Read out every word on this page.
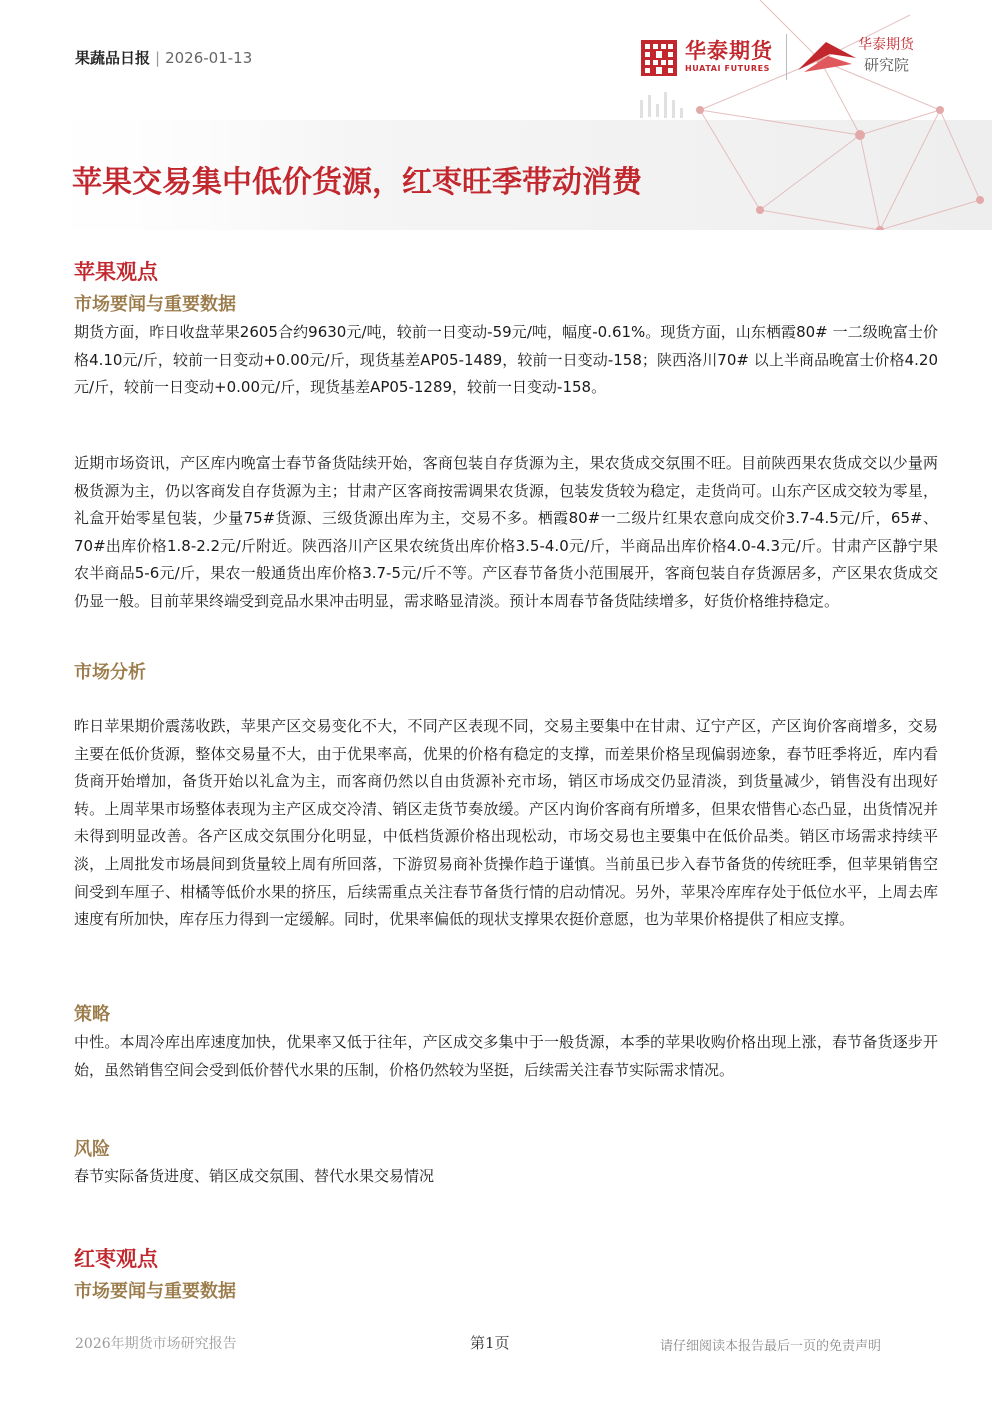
果蔬品日报 | 2026-01-13	华泰期货
HUATAI FUTURES
华泰期货
研究院
苹果交易集中低价货源，红枣旺季带动消费
苹果观点
市场要闻与重要数据

期货方面，昨日收盘苹果2605合约9630元/吨，较前一日变动-59元/吨，幅度-0.61%。现货方面，山东栖霞80# 一二级晚富士价格4.10元/斤，较前一日变动+0.00元/斤，现货基差AP05-1489，较前一日变动-158；陕西洛川70# 以上半商品晚富士价格4.20元/斤，较前一日变动+0.00元/斤，现货基差AP05-1289，较前一日变动-158。

近期市场资讯，产区库内晚富士春节备货陆续开始，客商包装自存货源为主，果农货成交氛围不旺。目前陕西果农货成交以少量两极货源为主，仍以客商发自存货源为主；甘肃产区客商按需调果农货源，包装发货较为稳定，走货尚可。山东产区成交较为零星，礼盒开始零星包装，少量75#货源、三级货源出库为主，交易不多。栖霞80#一二级片红果农意向成交价3.7-4.5元/斤，65#、70#出库价格1.8-2.2元/斤附近。陕西洛川产区果农统货出库价格3.5-4.0元/斤，半商品出库价格4.0-4.3元/斤。甘肃产区静宁果农半商品5-6元/斤，果农一般通货出库价格3.7-5元/斤不等。产区春节备货小范围展开，客商包装自存货源居多，产区果农货成交仍显一般。目前苹果终端受到竞品水果冲击明显，需求略显清淡。预计本周春节备货陆续增多，好货价格维持稳定。

市场分析

昨日苹果期价震荡收跌，苹果产区交易变化不大，不同产区表现不同，交易主要集中在甘肃、辽宁产区，产区询价客商增多，交易主要在低价货源，整体交易量不大，由于优果率高，优果的价格有稳定的支撑，而差果价格呈现偏弱迹象，春节旺季将近，库内看货商开始增加，备货开始以礼盒为主，而客商仍然以自由货源补充市场，销区市场成交仍显清淡，到货量减少，销售没有出现好转。上周苹果市场整体表现为主产区成交冷清、销区走货节奏放缓。产区内询价客商有所增多，但果农惜售心态凸显，出货情况并未得到明显改善。各产区成交氛围分化明显，中低档货源价格出现松动，市场交易也主要集中在低价品类。销区市场需求持续平淡，上周批发市场晨间到货量较上周有所回落，下游贸易商补货操作趋于谨慎。当前虽已步入春节备货的传统旺季，但苹果销售空间受到车厘子、柑橘等低价水果的挤压，后续需重点关注春节备货行情的启动情况。另外，苹果冷库库存处于低位水平，上周去库速度有所加快，库存压力得到一定缓解。同时，优果率偏低的现状支撑果农挺价意愿，也为苹果价格提供了相应支撑。

策略

中性。本周冷库出库速度加快，优果率又低于往年，产区成交多集中于一般货源，本季的苹果收购价格出现上涨，春节备货逐步开始，虽然销售空间会受到低价替代水果的压制，价格仍然较为坚挺，后续需关注春节实际需求情况。

风险

春节实际备货进度、销区成交氛围、替代水果交易情况

红枣观点
市场要闻与重要数据
2026年期货市场研究报告	第1页	请仔细阅读本报告最后一页的免责声明
